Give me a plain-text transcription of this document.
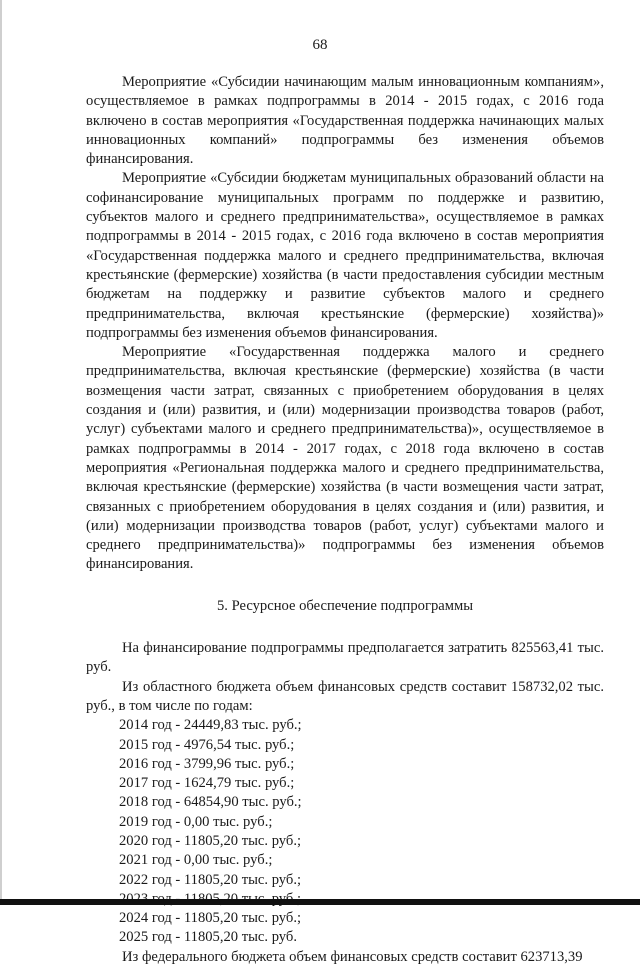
68

Мероприятие «Субсидии начинающим малым инновационным компаниям», осуществляемое в рамках подпрограммы в 2014 - 2015 годах, с 2016 года включено в состав мероприятия «Государственная поддержка начинающих малых инновационных компаний» подпрограммы без изменения объемов финансирования.

Мероприятие «Субсидии бюджетам муниципальных образований области на софинансирование муниципальных программ по поддержке и развитию, субъектов малого и среднего предпринимательства», осуществляемое в рамках подпрограммы в 2014 - 2015 годах, с 2016 года включено в состав мероприятия «Государственная поддержка малого и среднего предпринимательства, включая крестьянские (фермерские) хозяйства (в части предоставления субсидии местным бюджетам на поддержку и развитие субъектов малого и среднего предпринимательства, включая крестьянские (фермерские) хозяйства)» подпрограммы без изменения объемов финансирования.

Мероприятие «Государственная поддержка малого и среднего предпринимательства, включая крестьянские (фермерские) хозяйства (в части возмещения части затрат, связанных с приобретением оборудования в целях создания и (или) развития, и (или) модернизации производства товаров (работ, услуг) субъектами малого и среднего предпринимательства)», осуществляемое в рамках подпрограммы в 2014 - 2017 годах, с 2018 года включено в состав мероприятия «Региональная поддержка малого и среднего предпринимательства, включая крестьянские (фермерские) хозяйства (в части возмещения части затрат, связанных с приобретением оборудования в целях создания и (или) развития, и (или) модернизации производства товаров (работ, услуг) субъектами малого и среднего предпринимательства)» подпрограммы без изменения объемов финансирования.

5. Ресурсное обеспечение подпрограммы

На финансирование подпрограммы предполагается затратить 825563,41 тыс. руб.

Из областного бюджета объем финансовых средств составит 158732,02 тыс. руб., в том числе по годам:

2014 год - 24449,83 тыс. руб.;
2015 год - 4976,54 тыс. руб.;
2016 год - 3799,96 тыс. руб.;
2017 год - 1624,79 тыс. руб.;
2018 год - 64854,90 тыс. руб.;
2019 год - 0,00 тыс. руб.;
2020 год - 11805,20 тыс. руб.;
2021 год - 0,00 тыс. руб.;
2022 год - 11805,20 тыс. руб.;
2024 год - 11805,20 тыс. руб.;
2025 год - 11805,20 тыс. руб.

Из федерального бюджета объем финансовых средств составит 623713,39
